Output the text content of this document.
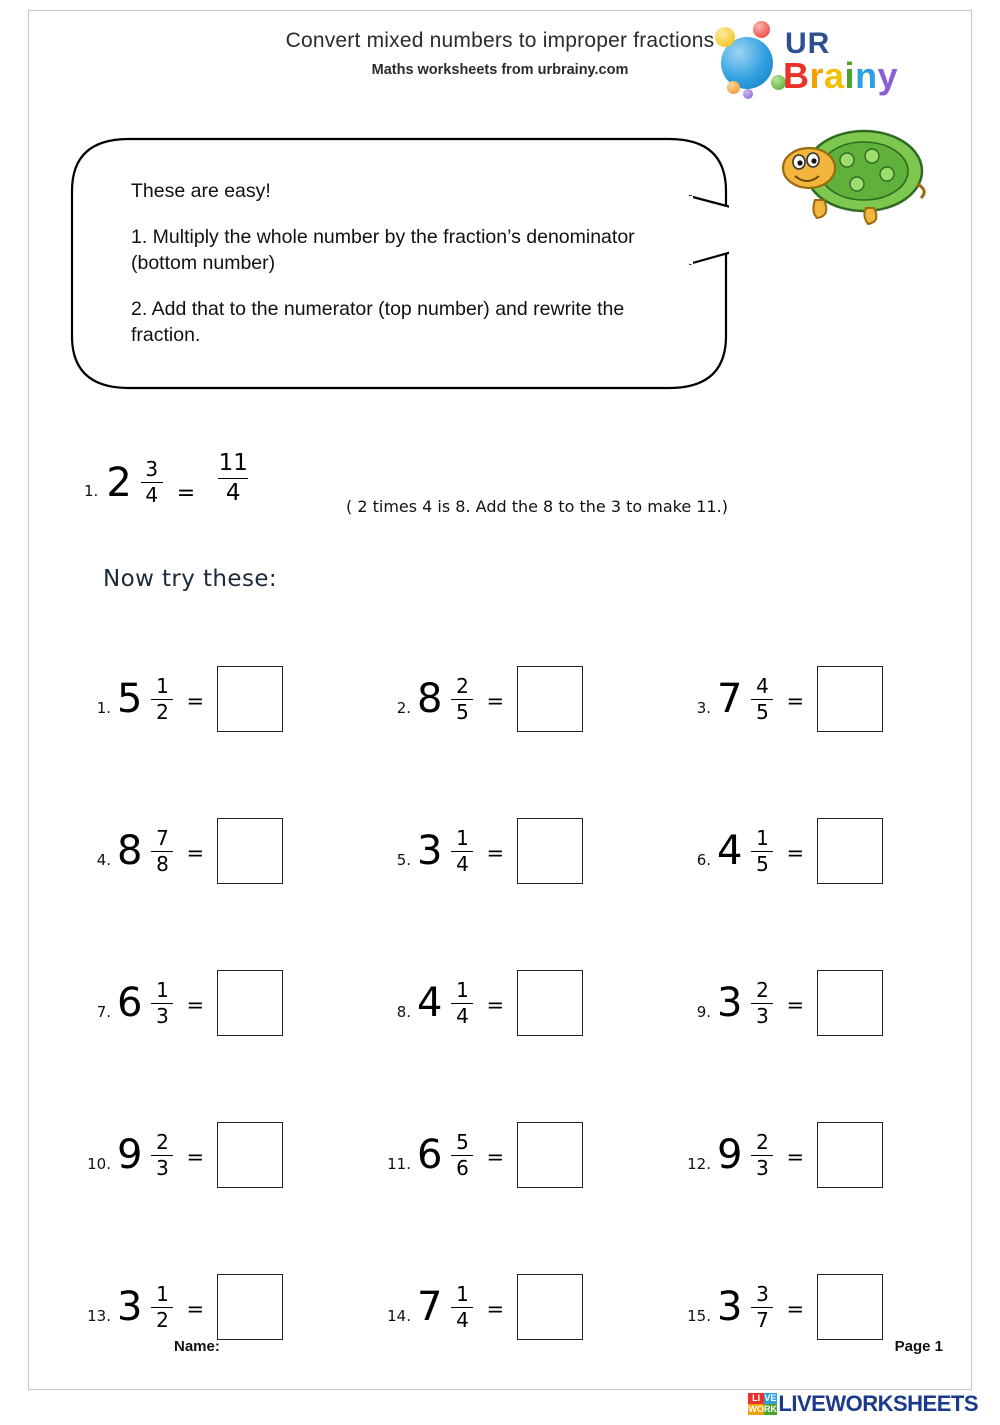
Convert mixed numbers to improper fractions
Maths worksheets from urbrainy.com
UR
Brainy

These are easy!

1. Multiply the whole number by the fraction’s denominator (bottom number)

2. Add that to the numerator (top number) and rewrite the fraction.

1. $2 \frac{3}{4} = \frac{11}{4}$
( 2 times 4 is 8. Add the 8 to the 3 to make 11.)
Now try these:
1. $5 \frac{1}{2}$ =	2. $8 \frac{2}{5}$ =	3. $7 \frac{4}{5}$ =
4. $8 \frac{7}{8}$ =	5. $3 \frac{1}{4}$ =	6. $4 \frac{1}{5}$ =
7. $6 \frac{1}{3}$ =	8. $4 \frac{1}{4}$ =	9. $3 \frac{2}{3}$ =
10. $9 \frac{2}{3}$ =	11. $6 \frac{5}{6}$ =	12. $9 \frac{2}{3}$ =
13. $3 \frac{1}{2}$ =	14. $7 \frac{1}{4}$ =	15. $3 \frac{3}{7}$ =
Name:	Page 1
LI VE
WO RK LIVEWORKSHEETS
